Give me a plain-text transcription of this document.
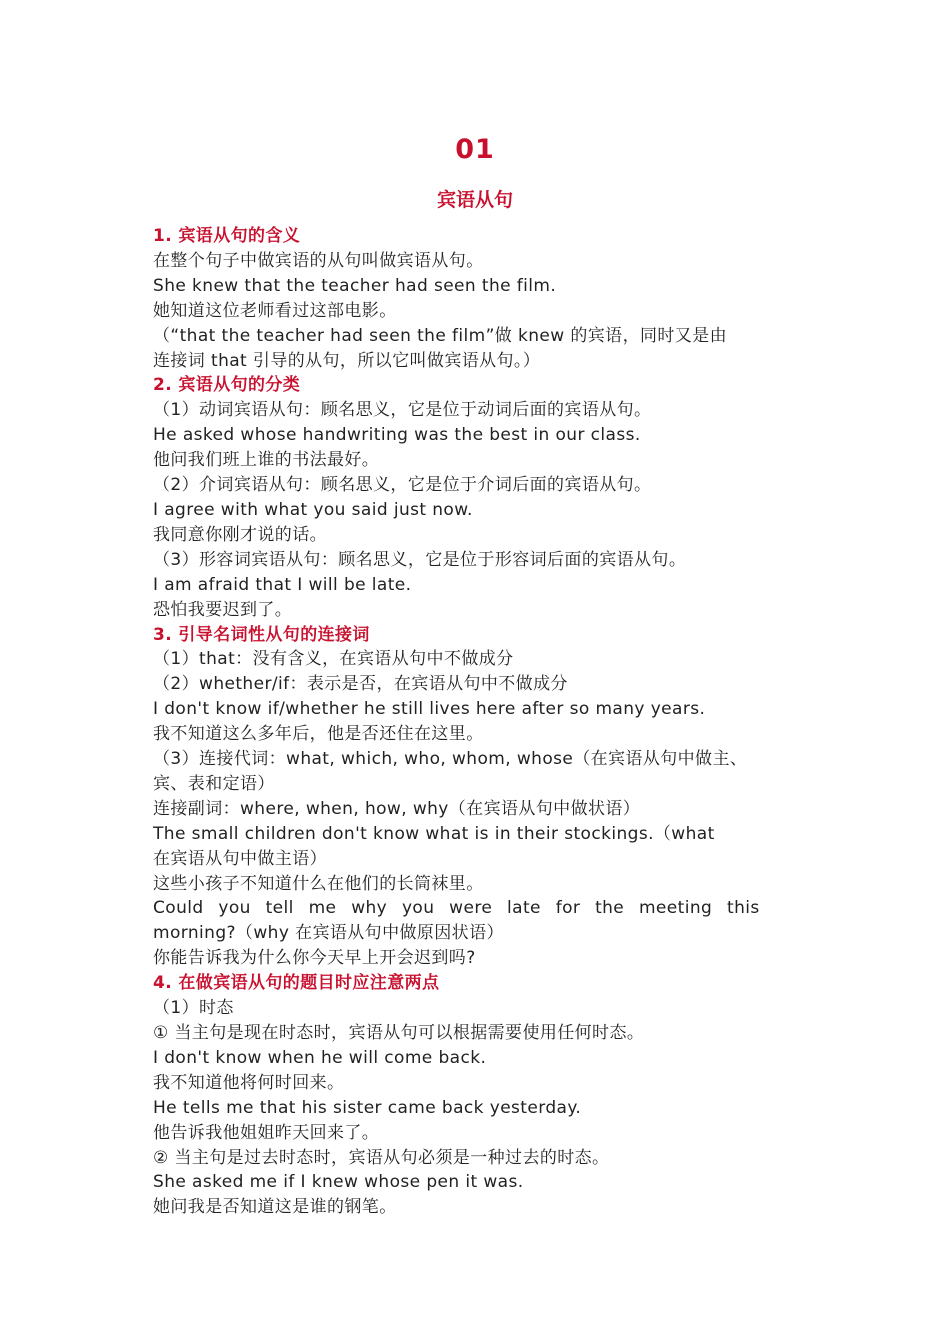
01
宾语从句

1. 宾语从句的含义

在整个句子中做宾语的从句叫做宾语从句。

She knew that the teacher had seen the film.

她知道这位老师看过这部电影。

（“that the teacher had seen the film”做 knew 的宾语，同时又是由

连接词 that 引导的从句，所以它叫做宾语从句。）

2. 宾语从句的分类

（1）动词宾语从句：顾名思义，它是位于动词后面的宾语从句。

He asked whose handwriting was the best in our class.

他问我们班上谁的书法最好。

（2）介词宾语从句：顾名思义，它是位于介词后面的宾语从句。

I agree with what you said just now.

我同意你刚才说的话。

（3）形容词宾语从句：顾名思义，它是位于形容词后面的宾语从句。

I am afraid that I will be late.

恐怕我要迟到了。

3. 引导名词性从句的连接词

（1）that：没有含义，在宾语从句中不做成分

（2）whether/if：表示是否，在宾语从句中不做成分

I don't know if/whether he still lives here after so many years.

我不知道这么多年后，他是否还住在这里。

（3）连接代词：what, which, who, whom, whose（在宾语从句中做主、

宾、表和定语）

连接副词：where, when, how, why（在宾语从句中做状语）

The small children don't know what is in their stockings.（what

在宾语从句中做主语）

这些小孩子不知道什么在他们的长筒袜里。

Could you tell me why you were late for the meeting this

morning?（why 在宾语从句中做原因状语）

你能告诉我为什么你今天早上开会迟到吗?

4. 在做宾语从句的题目时应注意两点

（1）时态

① 当主句是现在时态时，宾语从句可以根据需要使用任何时态。

I don't know when he will come back.

我不知道他将何时回来。

He tells me that his sister came back yesterday.

他告诉我他姐姐昨天回来了。

② 当主句是过去时态时，宾语从句必须是一种过去的时态。

She asked me if I knew whose pen it was.

她问我是否知道这是谁的钢笔。
